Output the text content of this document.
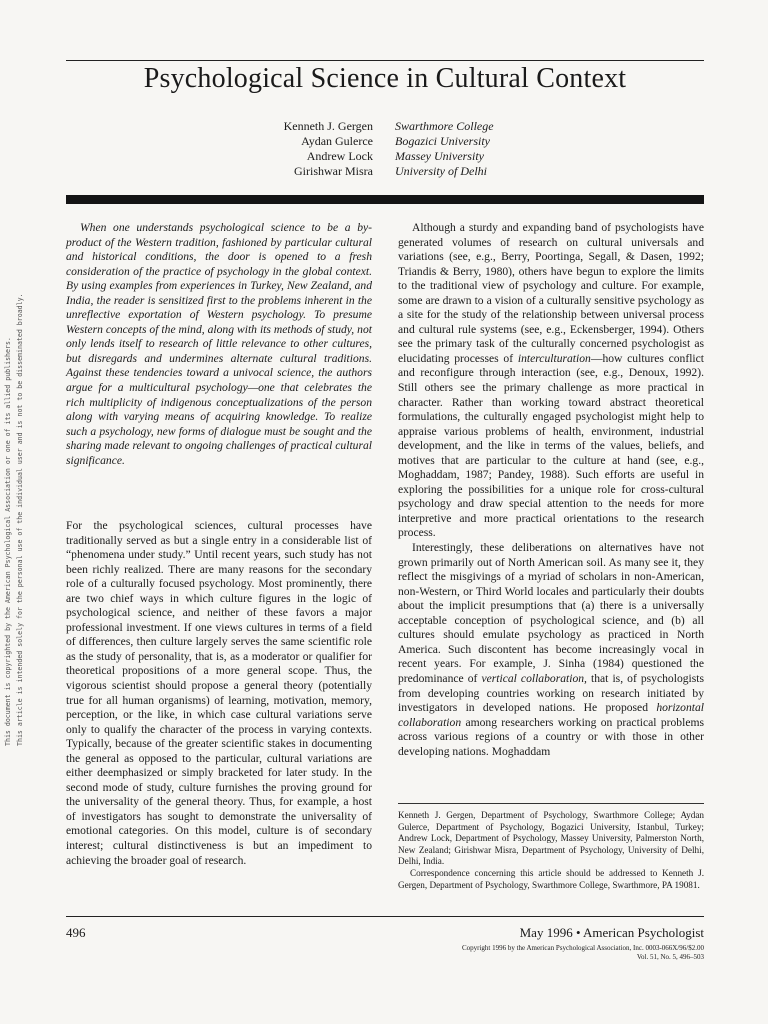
Psychological Science in Cultural Context
Kenneth J. Gergen
Aydan Gulerce
Andrew Lock
Girishwar Misra
Swarthmore College
Bogazici University
Massey University
University of Delhi
When one understands psychological science to be a by-product of the Western tradition, fashioned by particular cultural and historical conditions, the door is opened to a fresh consideration of the practice of psychology in the global context. By using examples from experiences in Turkey, New Zealand, and India, the reader is sensitized first to the problems inherent in the unreflective exportation of Western psychology. To presume Western concepts of the mind, along with its methods of study, not only lends itself to research of little relevance to other cultures, but disregards and undermines alternate cultural traditions. Against these tendencies toward a univocal science, the authors argue for a multicultural psychology—one that celebrates the rich multiplicity of indigenous conceptualizations of the person along with varying means of acquiring knowledge. To realize such a psychology, new forms of dialogue must be sought and the sharing made relevant to ongoing challenges of practical cultural significance.

For the psychological sciences, cultural processes have traditionally served as but a single entry in a considerable list of “phenomena under study.” Until recent years, such study has not been richly realized. There are many reasons for the secondary role of a culturally focused psychology. Most prominently, there are two chief ways in which culture figures in the logic of psychological science, and neither of these favors a major professional investment. If one views cultures in terms of a field of differences, then culture largely serves the same scientific role as the study of personality, that is, as a moderator or qualifier for theoretical propositions of a more general scope. Thus, the vigorous scientist should propose a general theory (potentially true for all human organisms) of learning, motivation, memory, perception, or the like, in which case cultural variations serve only to qualify the character of the process in varying contexts. Typically, because of the greater scientific stakes in documenting the general as opposed to the particular, cultural variations are either deemphasized or simply bracketed for later study. In the second mode of study, culture furnishes the proving ground for the universality of the general theory. Thus, for example, a host of investigators has sought to demonstrate the universality of emotional categories. On this model, culture is of secondary interest; cultural distinctiveness is but an impediment to achieving the broader goal of research.

Although a sturdy and expanding band of psychologists have generated volumes of research on cultural universals and variations (see, e.g., Berry, Poortinga, Segall, & Dasen, 1992; Triandis & Berry, 1980), others have begun to explore the limits to the traditional view of psychology and culture. For example, some are drawn to a vision of a culturally sensitive psychology as a site for the study of the relationship between universal process and cultural rule systems (see, e.g., Eckensberger, 1994). Others see the primary task of the culturally concerned psychologist as elucidating processes of interculturation—how cultures conflict and reconfigure through interaction (see, e.g., Denoux, 1992). Still others see the primary challenge as more practical in character. Rather than working toward abstract theoretical formulations, the culturally engaged psychologist might help to appraise various problems of health, environment, industrial development, and the like in terms of the values, beliefs, and motives that are particular to the culture at hand (see, e.g., Moghaddam, 1987; Pandey, 1988). Such efforts are useful in exploring the possibilities for a unique role for cross-cultural psychology and draw special attention to the needs for more interpretive and more practical orientations to the research process.

Interestingly, these deliberations on alternatives have not grown primarily out of North American soil. As many see it, they reflect the misgivings of a myriad of scholars in non-American, non-Western, or Third World locales and particularly their doubts about the implicit presumptions that (a) there is a universally acceptable conception of psychological science, and (b) all cultures should emulate psychology as practiced in North America. Such discontent has become increasingly vocal in recent years. For example, J. Sinha (1984) questioned the predominance of vertical collaboration, that is, of psychologists from developing countries working on research initiated by investigators in developed nations. He proposed horizontal collaboration among researchers working on practical problems across various regions of a country or with those in other developing nations. Moghaddam

Kenneth J. Gergen, Department of Psychology, Swarthmore College; Aydan Gulerce, Department of Psychology, Bogazici University, Istanbul, Turkey; Andrew Lock, Department of Psychology, Massey University, Palmerston North, New Zealand; Girishwar Misra, Department of Psychology, University of Delhi, Delhi, India.

Correspondence concerning this article should be addressed to Kenneth J. Gergen, Department of Psychology, Swarthmore College, Swarthmore, PA 19081.

496	May 1996 • American Psychologist
Copyright 1996 by the American Psychological Association, Inc. 0003-066X/96/$2.00
Vol. 51, No. 5, 496–503
This document is copyrighted by the American Psychological Association or one of its allied publishers. This article is intended solely for the personal use of the individual user and is not to be disseminated broadly.
